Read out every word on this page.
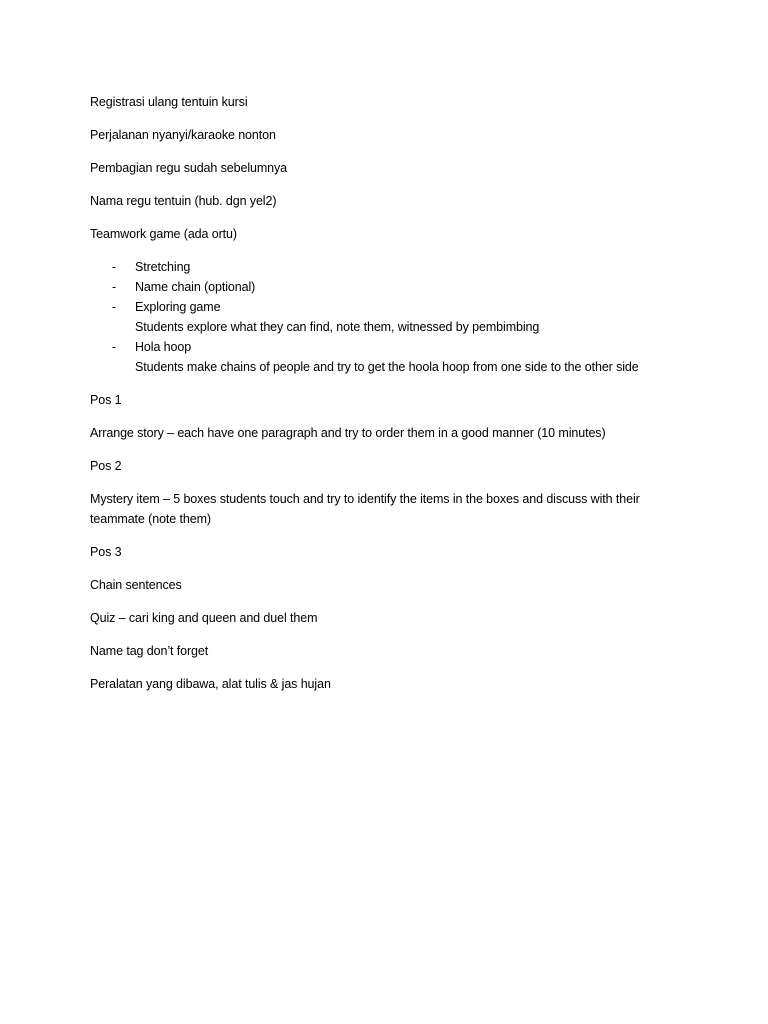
Registrasi ulang tentuin kursi

Perjalanan nyanyi/karaoke nonton

Pembagian regu sudah sebelumnya

Nama regu tentuin (hub. dgn yel2)

Teamwork game (ada ortu)

- Stretching
- Name chain (optional)
- Exploring game
Students explore what they can find, note them, witnessed by pembimbing
- Hola hoop
Students make chains of people and try to get the hoola hoop from one side to the other side

Pos 1

Arrange story – each have one paragraph and try to order them in a good manner (10 minutes)

Pos 2

Mystery item – 5 boxes students touch and try to identify the items in the boxes and discuss with their teammate (note them)

Pos 3

Chain sentences

Quiz – cari king and queen and duel them

Name tag don’t forget

Peralatan yang dibawa, alat tulis & jas hujan
